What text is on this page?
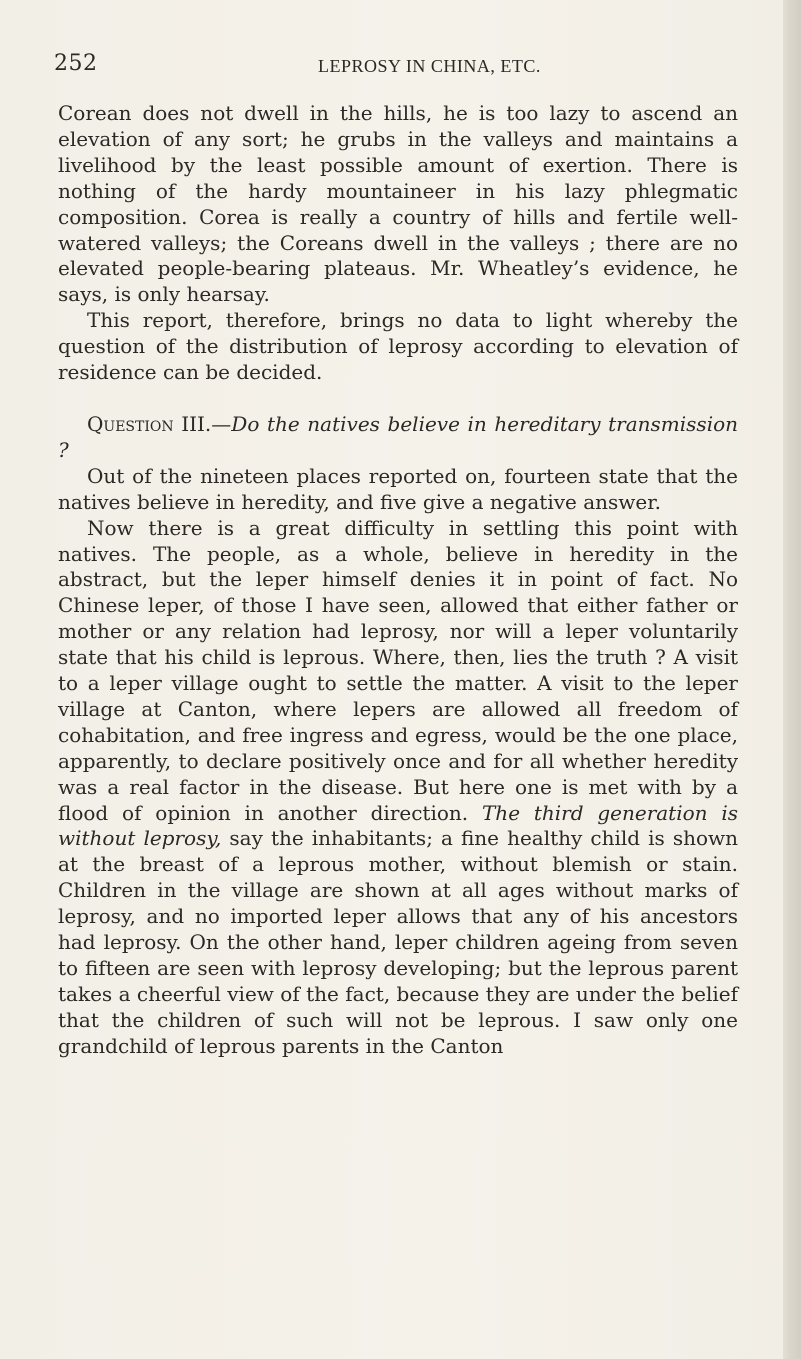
252	LEPROSY IN CHINA, ETC.

Corean does not dwell in the hills, he is too lazy to ascend an elevation of any sort; he grubs in the valleys and maintains a livelihood by the least possible amount of exertion. There is nothing of the hardy mountaineer in his lazy phlegmatic composition. Corea is really a country of hills and fertile well-watered valleys; the Coreans dwell in the valleys ; there are no elevated people-bearing plateaus. Mr. Wheatley’s evidence, he says, is only hearsay.

This report, therefore, brings no data to light whereby the question of the distribution of leprosy according to elevation of residence can be decided.

Question III.—Do the natives believe in hereditary transmission ?

Out of the nineteen places reported on, fourteen state that the natives believe in heredity, and five give a negative answer.

Now there is a great difficulty in settling this point with natives. The people, as a whole, believe in heredity in the abstract, but the leper himself denies it in point of fact. No Chinese leper, of those I have seen, allowed that either father or mother or any relation had leprosy, nor will a leper voluntarily state that his child is leprous. Where, then, lies the truth ? A visit to a leper village ought to settle the matter. A visit to the leper village at Canton, where lepers are allowed all freedom of cohabitation, and free ingress and egress, would be the one place, apparently, to declare positively once and for all whether heredity was a real factor in the disease. But here one is met with by a flood of opinion in another direction. The third generation is without leprosy, say the inhabitants; a fine healthy child is shown at the breast of a leprous mother, without blemish or stain. Children in the village are shown at all ages without marks of leprosy, and no imported leper allows that any of his ancestors had leprosy. On the other hand, leper children ageing from seven to fifteen are seen with leprosy developing; but the leprous parent takes a cheerful view of the fact, because they are under the belief that the children of such will not be leprous. I saw only one grandchild of leprous parents in the Canton
